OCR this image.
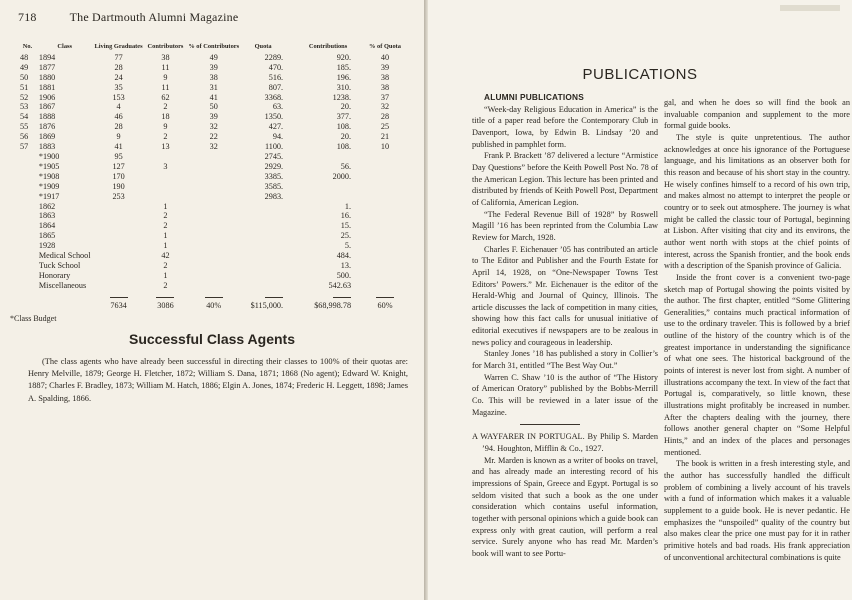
718	The Dartmouth Alumni Magazine
No.	Class	Living Graduates	Contributors	% of Contributors	Quota	Contributions	% of Quota
48	1894	77	38	49	2289.	920.	40
49	1877	28	11	39	470.	185.	39
50	1880	24	9	38	516.	196.	38
51	1881	35	11	31	807.	310.	38
52	1906	153	62	41	3368.	1238.	37
53	1867	4	2	50	63.	20.	32
54	1888	46	18	39	1350.	377.	28
55	1876	28	9	32	427.	108.	25
56	1869	9	2	22	94.	20.	21
57	1883	41	13	32	1100.	108.	10
	*1900	95			2745.		
	*1905	127	3		2929.	56.	
	*1908	170			3385.	2000.	
	*1909	190			3585.		
	*1917	253			2983.		
	1862		1			1.	
	1863		2			16.	
	1864		2			15.	
	1865		1			25.	
	1928		1			5.	
	Medical School		42			484.	
	Tuck School		2			13.	
	Honorary		1			500.	
	Miscellaneous		2			542.63	

		7634	3086	40%	$115,000.	$68,998.78	60%
*Class Budget
Successful Class Agents
(The class agents who have already been successful in directing their classes to 100% of their quotas are: Henry Melville, 1879; George H. Fletcher, 1872; William S. Dana, 1871; 1868 (No agent); Edward W. Knight, 1887; Charles F. Bradley, 1873; William M. Hatch, 1886; Elgin A. Jones, 1874; Frederic H. Leggett, 1898; James A. Spalding, 1866.
PUBLICATIONS

ALUMNI PUBLICATIONS

“Week-day Religious Education in America” is the title of a paper read before the Contemporary Club in Davenport, Iowa, by Edwin B. Lindsay ’20 and published in pamphlet form.

Frank P. Brackett ’87 delivered a lecture “Armistice Day Questions” before the Keith Powell Post No. 78 of the American Legion. This lecture has been printed and distributed by friends of Keith Powell Post, Department of California, American Legion.

“The Federal Revenue Bill of 1928” by Roswell Magill ’16 has been reprinted from the Columbia Law Review for March, 1928.

Charles F. Eichenauer ’05 has contributed an article to The Editor and Publisher and the Fourth Estate for April 14, 1928, on “One-Newspaper Towns Test Editors’ Powers.” Mr. Eichenauer is the editor of the Herald-Whig and Journal of Quincy, Illinois. The article discusses the lack of competition in many cities, showing how this fact calls for unusual initiative of editorial executives if newspapers are to be zealous in news policy and courageous in leadership.

Stanley Jones ’18 has published a story in Collier’s for March 31, entitled “The Best Way Out.”

Warren C. Shaw ’10 is the author of “The History of American Oratory” published by the Bobbs-Merrill Co. This will be reviewed in a later issue of the Magazine.

A WAYFARER IN PORTUGAL. By Philip S. Marden ’94. Houghton, Mifflin & Co., 1927.

Mr. Marden is known as a writer of books on travel, and has already made an interesting record of his impressions of Spain, Greece and Egypt. Portugal is so seldom visited that such a book as the one under consideration which contains useful information, together with personal opinions which a guide book can express only with great caution, will perform a real service. Surely anyone who has read Mr. Marden’s book will want to see Portu-

gal, and when he does so will find the book an invaluable companion and supplement to the more formal guide books.

The style is quite unpretentious. The author acknowledges at once his ignorance of the Portuguese language, and his limitations as an observer both for this reason and because of his short stay in the country. He wisely confines himself to a record of his own trip, and makes almost no attempt to interpret the people or country or to seek out atmosphere. The journey is what might be called the classic tour of Portugal, beginning at Lisbon. After visiting that city and its environs, the author went north with stops at the chief points of interest, across the Spanish frontier, and the book ends with a description of the Spanish province of Galicia.

Inside the front cover is a convenient two-page sketch map of Portugal showing the points visited by the author. The first chapter, entitled “Some Glittering Generalities,” contains much practical information of use to the ordinary traveler. This is followed by a brief outline of the history of the country which is of the greatest importance in understanding the significance of what one sees. The historical background of the points of interest is never lost from sight. A number of illustrations accompany the text. In view of the fact that Portugal is, comparatively, so little known, these illustrations might profitably be increased in number. After the chapters dealing with the journey, there follows another general chapter on “Some Helpful Hints,” and an index of the places and personages mentioned.

The book is written in a fresh interesting style, and the author has successfully handled the difficult problem of combining a lively account of his travels with a fund of information which makes it a valuable supplement to a guide book. He is never pedantic. He emphasizes the “unspoiled” quality of the country but also makes clear the price one must pay for it in rather primitive hotels and bad roads. His frank appreciation of unconventional architectural combinations is quite
